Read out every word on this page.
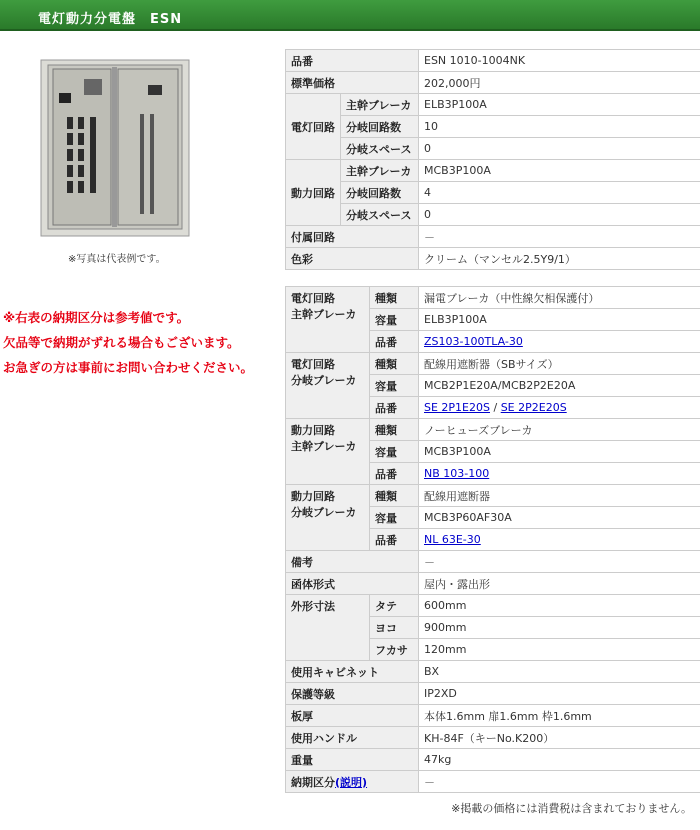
電灯動力分電盤　ESN
※写真は代表例です。
※右表の納期区分は参考値です。
欠品等で納期がずれる場合もございます。
お急ぎの方は事前にお問い合わせください。
品番		ESN 1010-1004NK
標準価格		202,000円
電灯回路	主幹ブレーカ	ELB3P100A
	分岐回路数	10
	分岐スペース	0
動力回路	主幹ブレーカ	MCB3P100A
	分岐回路数	4
	分岐スペース	0
付属回路		－
色彩		クリーム（マンセル2.5Y9/1）
電灯回路
主幹ブレーカ	種類	漏電ブレーカ（中性線欠相保護付）
	容量	ELB3P100A
	品番	ZS103-100TLA-30

電灯回路
分岐ブレーカ	種類	配線用遮断器（SBサイズ）
	容量	MCB2P1E20A/MCB2P2E20A
	品番	SE 2P1E20S / SE 2P2E20S

動力回路
主幹ブレーカ	種類	ノーヒューズブレーカ
	容量	MCB3P100A
	品番	NB 103-100

動力回路
分岐ブレーカ	種類	配線用遮断器
	容量	MCB3P60AF30A
	品番	NL 63E-30
備考		－
函体形式		屋内・露出形
外形寸法	タテ	600mm
	ヨコ	900mm
	フカサ	120mm
使用キャビネット		BX
保護等級		IP2XD
板厚		本体1.6mm 扉1.6mm 枠1.6mm
使用ハンドル		KH-84F（キーNo.K200）
重量		47kg
納期区分(説明)		－
※掲載の価格には消費税は含まれておりません。
